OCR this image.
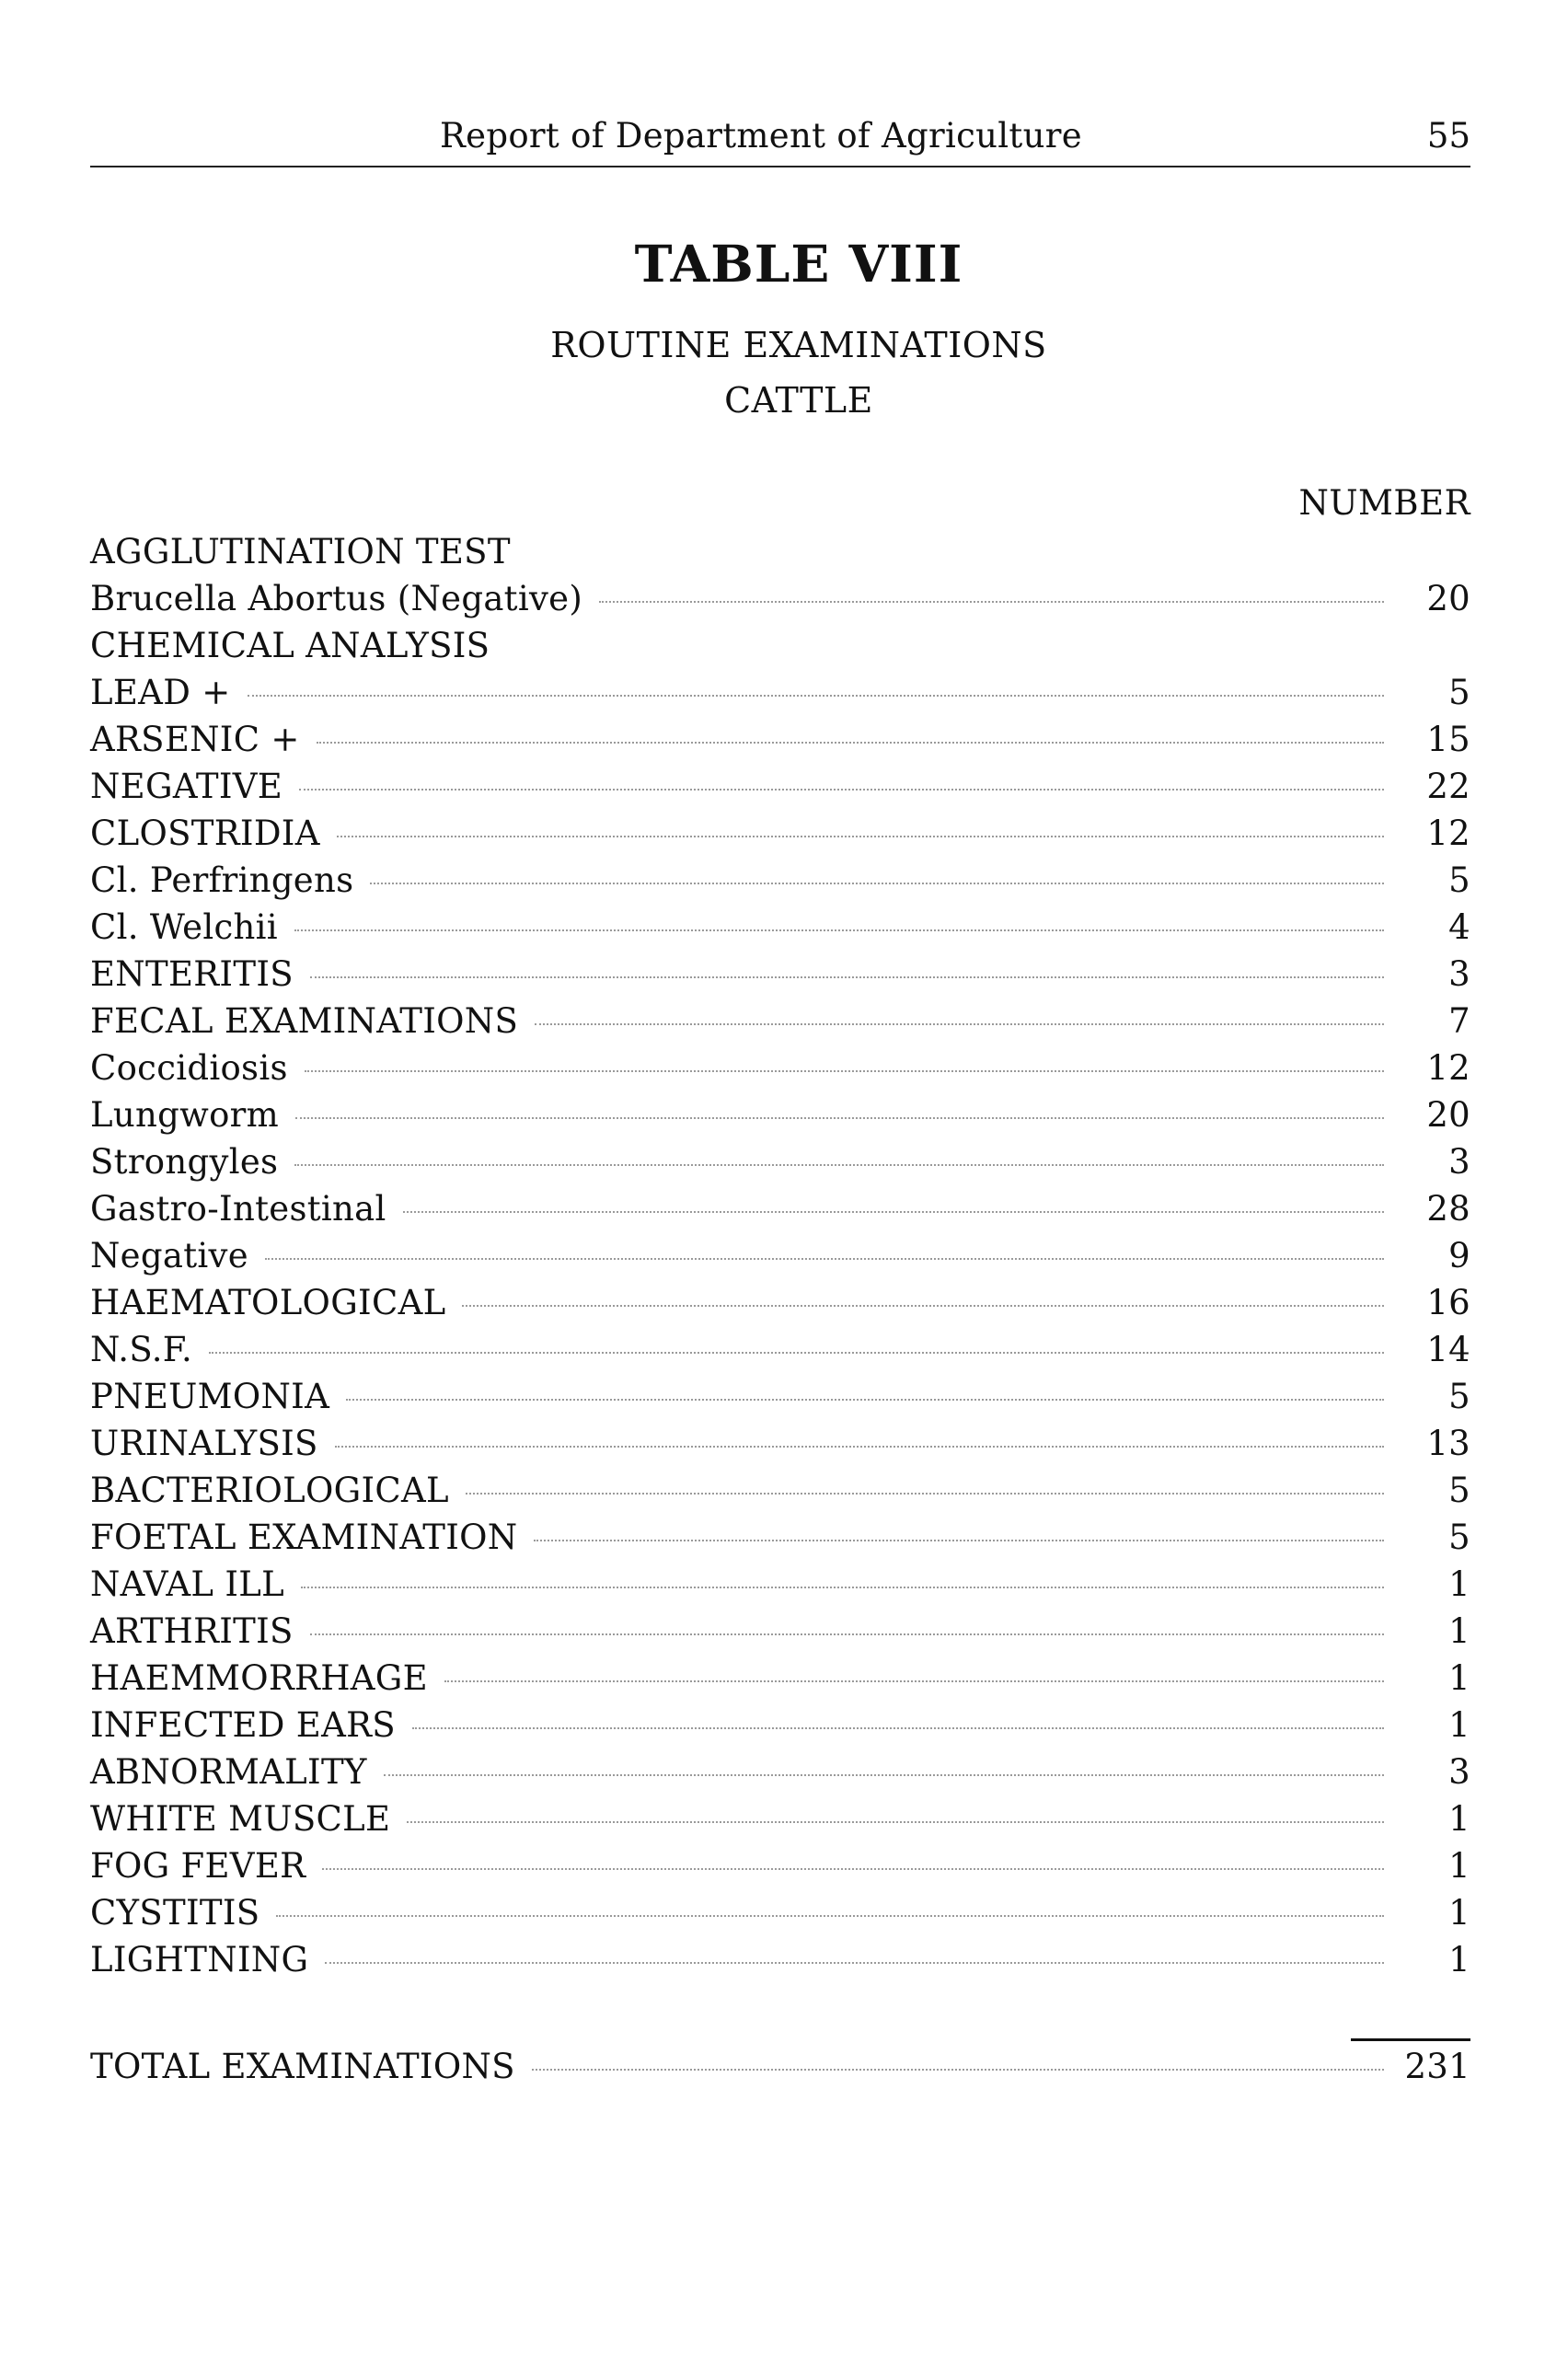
Report of Department of Agriculture	55
TABLE VIII
ROUTINE EXAMINATIONS
CATTLE
NUMBER
AGGLUTINATION TEST
Brucella Abortus (Negative)	20
CHEMICAL ANALYSIS
LEAD +	5
ARSENIC +	15
NEGATIVE	22
CLOSTRIDIA	12
Cl. Perfringens	5
Cl. Welchii	4
ENTERITIS	3
FECAL EXAMINATIONS	7
Coccidiosis	12
Lungworm	20
Strongyles	3
Gastro-Intestinal	28
Negative	9
HAEMATOLOGICAL	16
N.S.F.	14
PNEUMONIA	5
URINALYSIS	13
BACTERIOLOGICAL	5
FOETAL EXAMINATION	5
NAVAL ILL	1
ARTHRITIS	1
HAEMMORRHAGE	1
INFECTED EARS	1
ABNORMALITY	3
WHITE MUSCLE	1
FOG FEVER	1
CYSTITIS	1
LIGHTNING	1
TOTAL EXAMINATIONS	231
